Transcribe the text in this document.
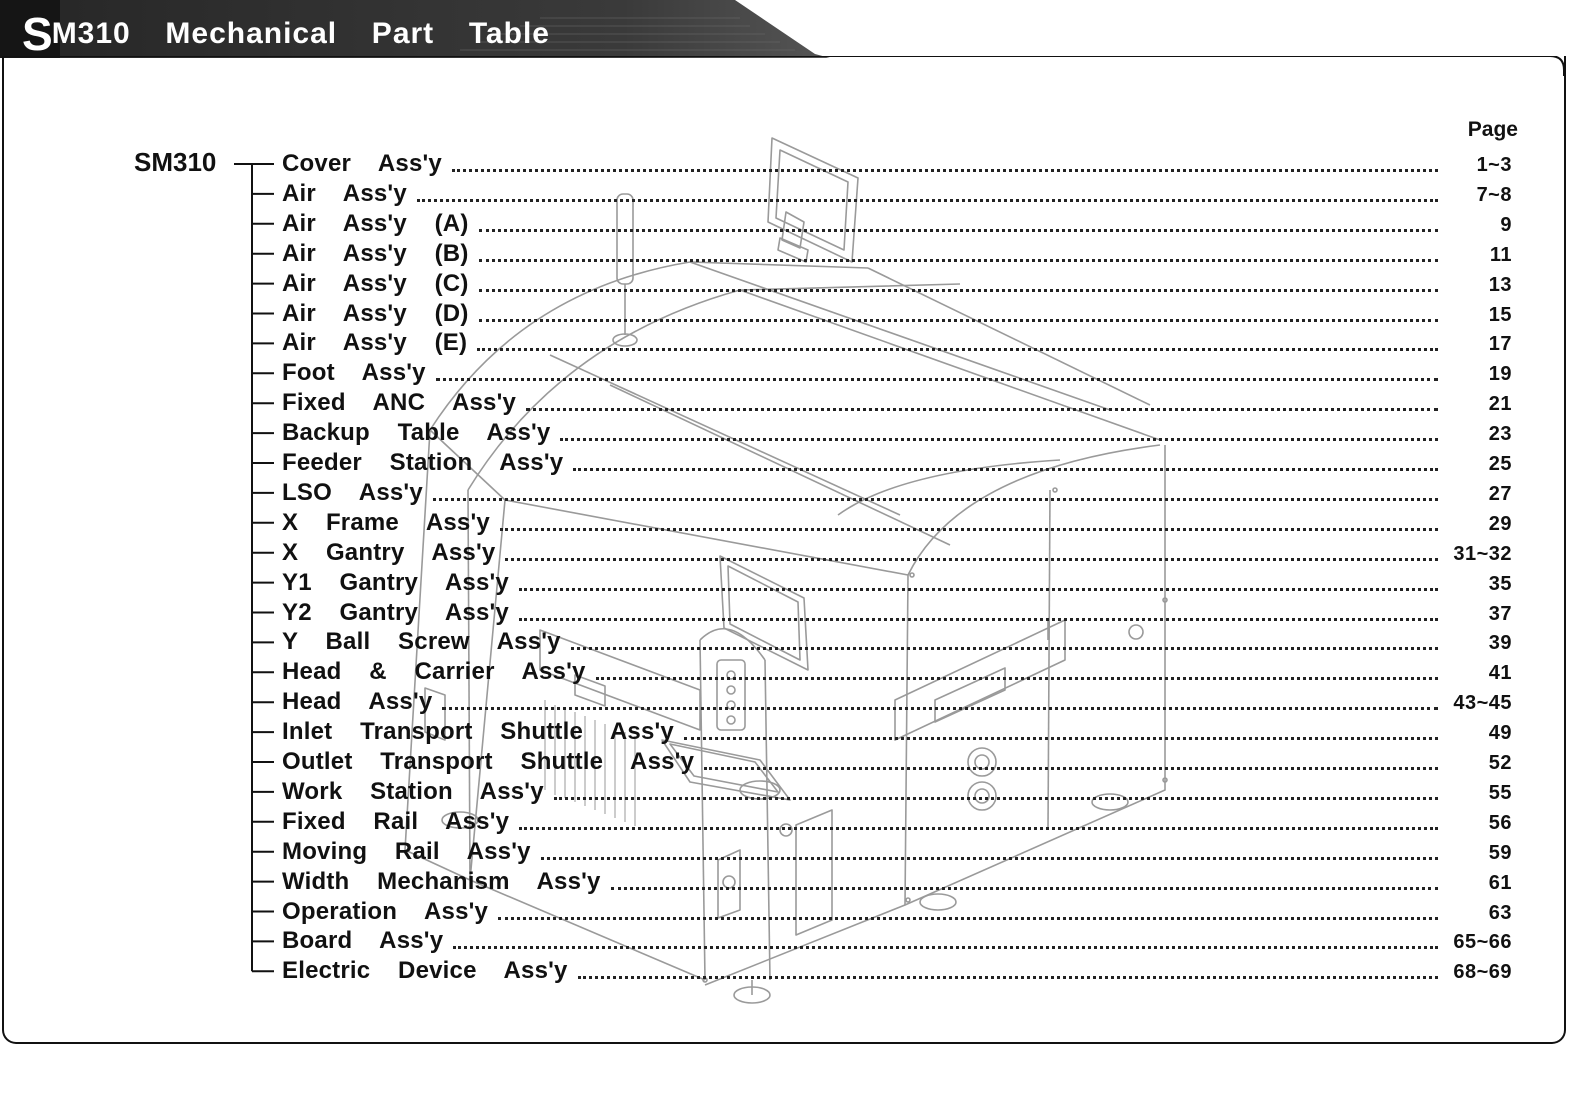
S M310  Mechanical  Part  Table
SM310
Page
Cover  Ass'y	1~3
Air  Ass'y	7~8
Air  Ass'y  (A)	9
Air  Ass'y  (B)	11
Air  Ass'y  (C)	13
Air  Ass'y  (D)	15
Air  Ass'y  (E)	17
Foot  Ass'y	19
Fixed  ANC  Ass'y	21
Backup  Table  Ass'y	23
Feeder  Station  Ass'y	25
LSO  Ass'y	27
X  Frame  Ass'y	29
X  Gantry  Ass'y	31~32
Y1  Gantry  Ass'y	35
Y2  Gantry  Ass'y	37
Y  Ball  Screw  Ass'y	39
Head  &  Carrier  Ass'y	41
Head  Ass'y	43~45
Inlet  Transport  Shuttle  Ass'y	49
Outlet  Transport  Shuttle  Ass'y	52
Work  Station  Ass'y	55
Fixed  Rail  Ass'y	56
Moving  Rail  Ass'y	59
Width  Mechanism  Ass'y	61
Operation  Ass'y	63
Board  Ass'y	65~66
Electric  Device  Ass'y	68~69
